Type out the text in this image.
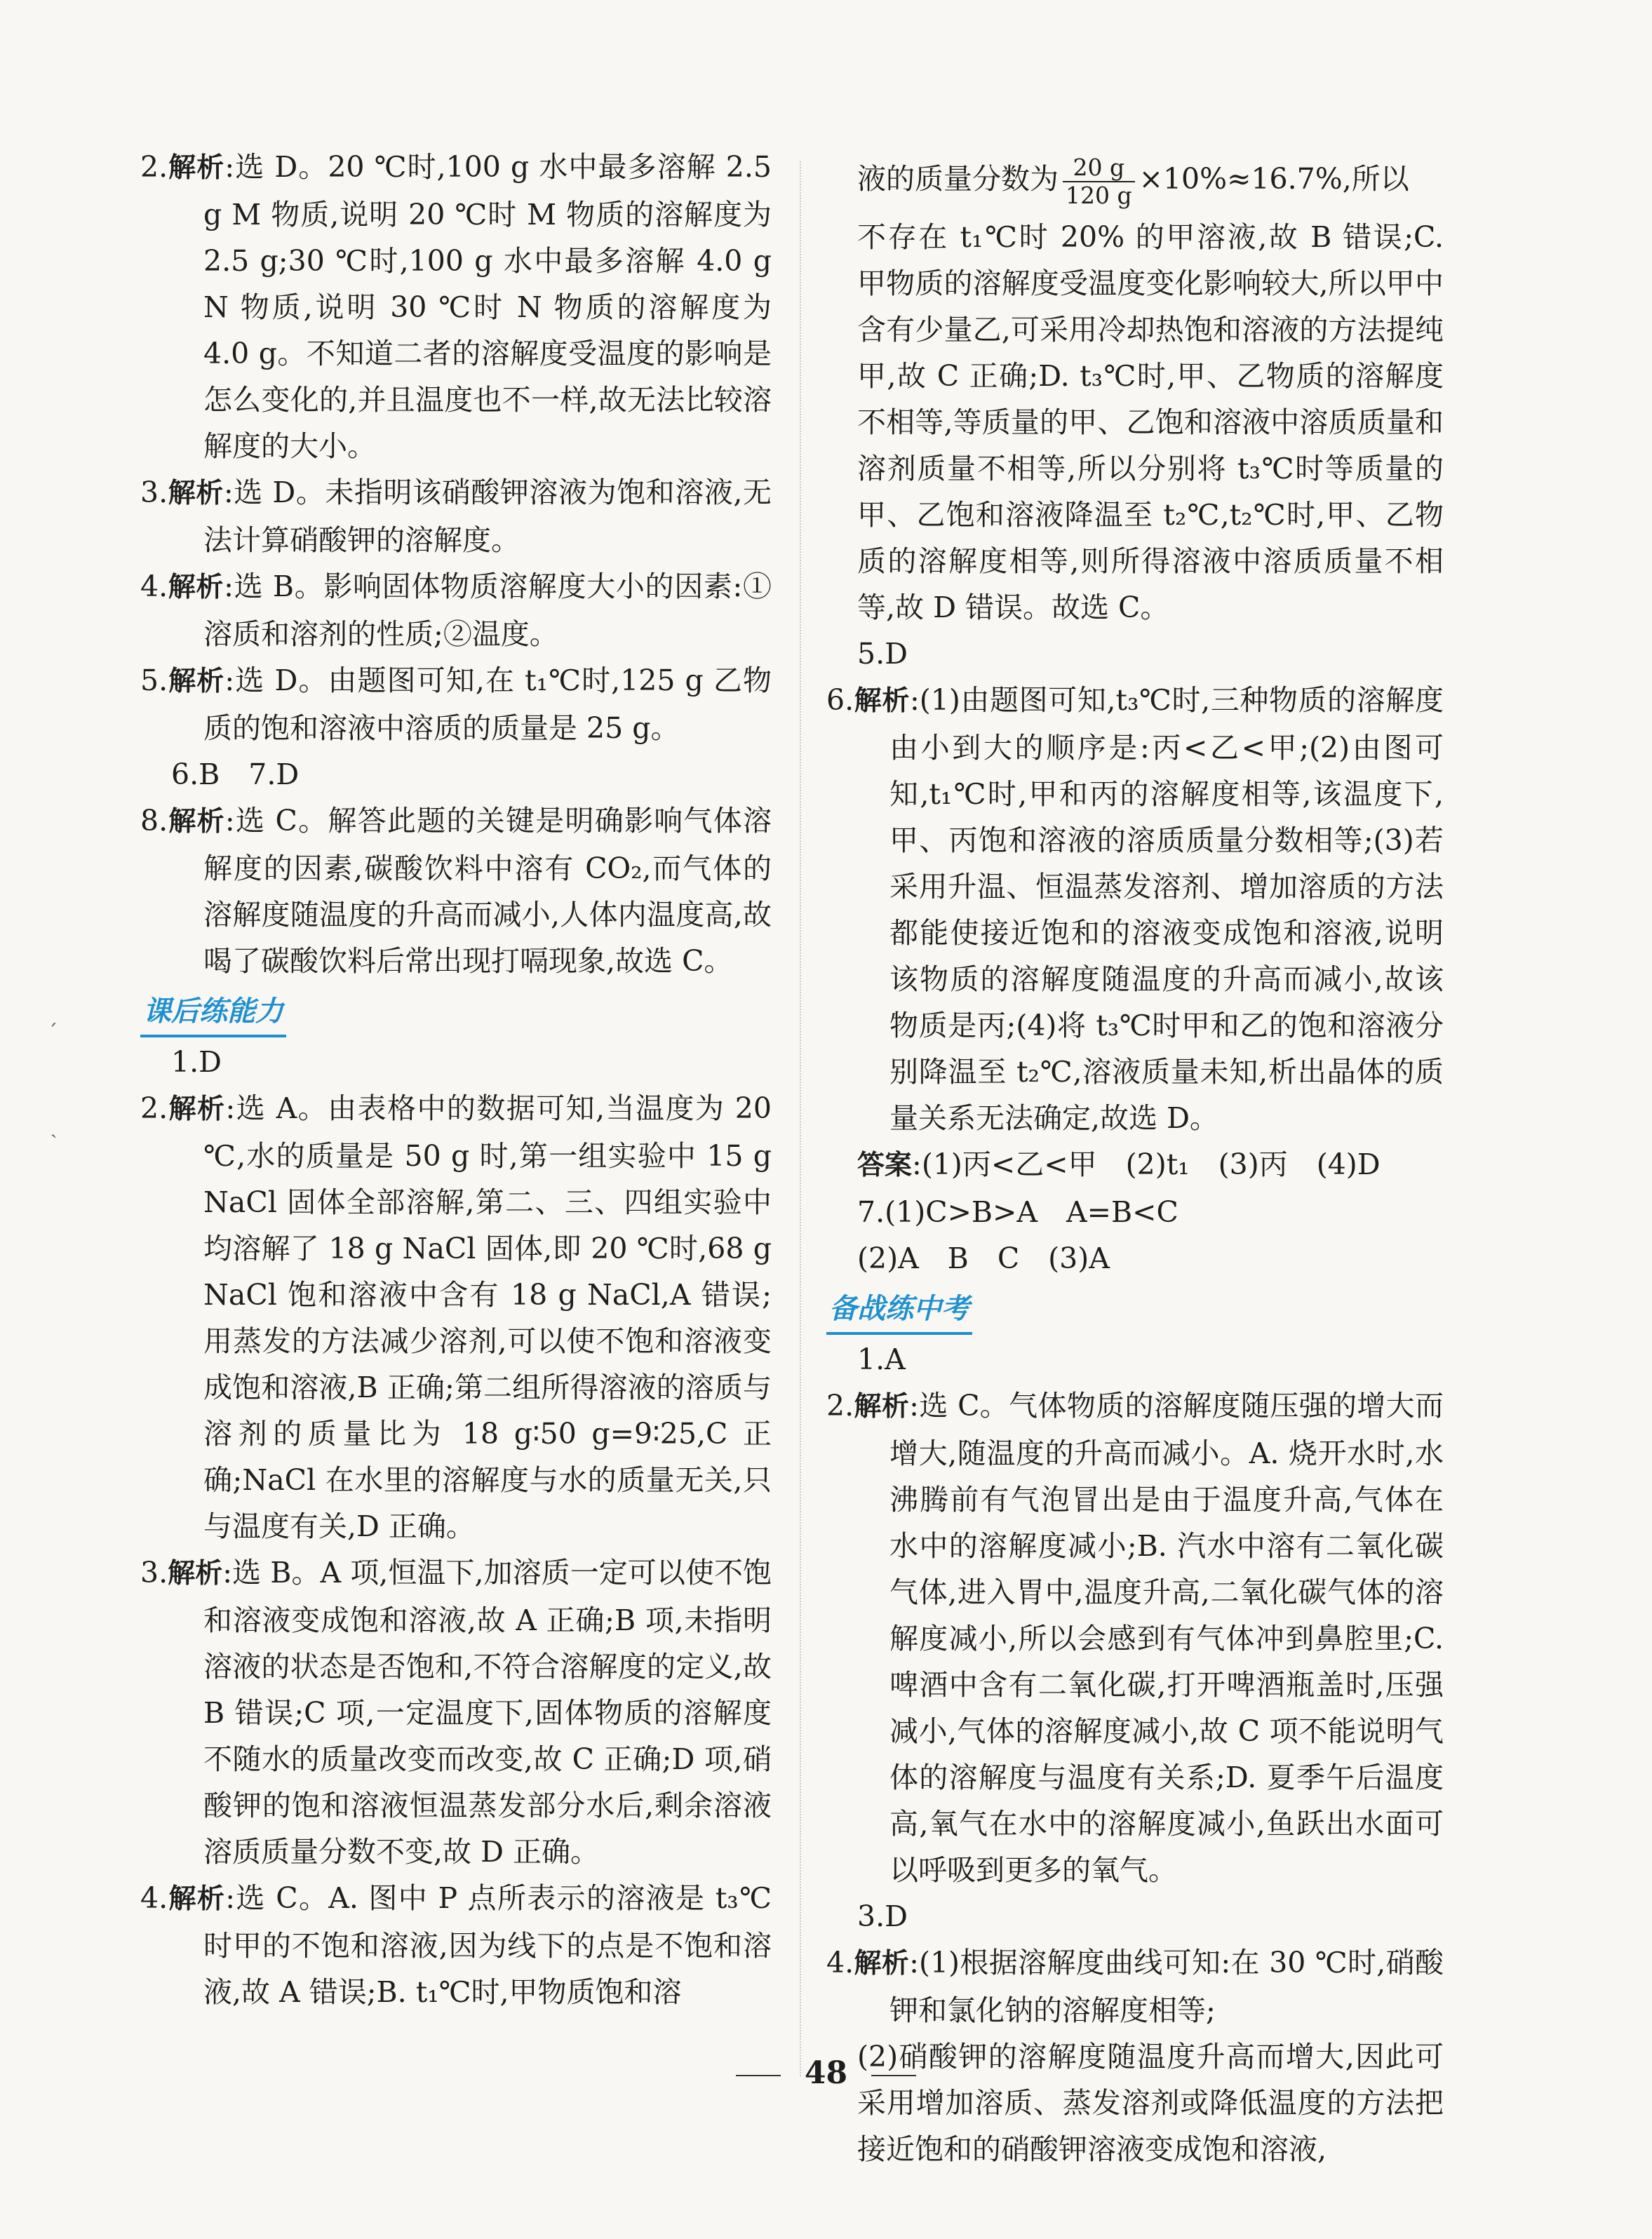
2.解析:选 D。20 ℃时,100 g 水中最多溶解 2.5 g M 物质,说明 20 ℃时 M 物质的溶解度为 2.5 g;30 ℃时,100 g 水中最多溶解 4.0 g N 物质,说明 30 ℃时 N 物质的溶解度为 4.0 g。不知道二者的溶解度受温度的影响是怎么变化的,并且温度也不一样,故无法比较溶解度的大小。

3.解析:选 D。未指明该硝酸钾溶液为饱和溶液,无法计算硝酸钾的溶解度。

4.解析:选 B。影响固体物质溶解度大小的因素:①溶质和溶剂的性质;②温度。

5.解析:选 D。由题图可知,在 t₁℃时,125 g 乙物质的饱和溶液中溶质的质量是 25 g。

6.B　7.D

8.解析:选 C。解答此题的关键是明确影响气体溶解度的因素,碳酸饮料中溶有 CO₂,而气体的溶解度随温度的升高而减小,人体内温度高,故喝了碳酸饮料后常出现打嗝现象,故选 C。

课后练能力

1.D

2.解析:选 A。由表格中的数据可知,当温度为 20 ℃,水的质量是 50 g 时,第一组实验中 15 g NaCl 固体全部溶解,第二、三、四组实验中均溶解了 18 g NaCl 固体,即 20 ℃时,68 g NaCl 饱和溶液中含有 18 g NaCl,A 错误;用蒸发的方法减少溶剂,可以使不饱和溶液变成饱和溶液,B 正确;第二组所得溶液的溶质与溶剂的质量比为 18 g∶50 g=9∶25,C 正确;NaCl 在水里的溶解度与水的质量无关,只与温度有关,D 正确。

3.解析:选 B。A 项,恒温下,加溶质一定可以使不饱和溶液变成饱和溶液,故 A 正确;B 项,未指明溶液的状态是否饱和,不符合溶解度的定义,故 B 错误;C 项,一定温度下,固体物质的溶解度不随水的质量改变而改变,故 C 正确;D 项,硝酸钾的饱和溶液恒温蒸发部分水后,剩余溶液溶质质量分数不变,故 D 正确。

4.解析:选 C。A. 图中 P 点所表示的溶液是 t₃℃时甲的不饱和溶液,因为线下的点是不饱和溶液,故 A 错误;B. t₁℃时,甲物质饱和溶

液的质量分数为 $\frac{20 g}{120 g} \times 10\%\approx 16.7\%$,所以

不存在 t₁℃时 20% 的甲溶液,故 B 错误;C. 甲物质的溶解度受温度变化影响较大,所以甲中含有少量乙,可采用冷却热饱和溶液的方法提纯甲,故 C 正确;D. t₃℃时,甲、乙物质的溶解度不相等,等质量的甲、乙饱和溶液中溶质质量和溶剂质量不相等,所以分别将 t₃℃时等质量的甲、乙饱和溶液降温至 t₂℃,t₂℃时,甲、乙物质的溶解度相等,则所得溶液中溶质质量不相等,故 D 错误。故选 C。

5.D

6.解析:(1)由题图可知,t₃℃时,三种物质的溶解度由小到大的顺序是:丙<乙<甲;(2)由图可知,t₁℃时,甲和丙的溶解度相等,该温度下,甲、丙饱和溶液的溶质质量分数相等;(3)若采用升温、恒温蒸发溶剂、增加溶质的方法都能使接近饱和的溶液变成饱和溶液,说明该物质的溶解度随温度的升高而减小,故该物质是丙;(4)将 t₃℃时甲和乙的饱和溶液分别降温至 t₂℃,溶液质量未知,析出晶体的质量关系无法确定,故选 D。

答案:(1)丙<乙<甲　(2)t₁　(3)丙　(4)D

7.(1)C>B>A　A=B<C

(2)A　B　C　(3)A

备战练中考

1.A

2.解析:选 C。气体物质的溶解度随压强的增大而增大,随温度的升高而减小。A. 烧开水时,水沸腾前有气泡冒出是由于温度升高,气体在水中的溶解度减小;B. 汽水中溶有二氧化碳气体,进入胃中,温度升高,二氧化碳气体的溶解度减小,所以会感到有气体冲到鼻腔里;C. 啤酒中含有二氧化碳,打开啤酒瓶盖时,压强减小,气体的溶解度减小,故 C 项不能说明气体的溶解度与温度有关系;D. 夏季午后温度高,氧气在水中的溶解度减小,鱼跃出水面可以呼吸到更多的氧气。

3.D

4.解析:(1)根据溶解度曲线可知:在 30 ℃时,硝酸钾和氯化钠的溶解度相等;

(2)硝酸钾的溶解度随温度升高而增大,因此可采用增加溶质、蒸发溶剂或降低温度的方法把接近饱和的硝酸钾溶液变成饱和溶液,

ˊ
ˏ
48
